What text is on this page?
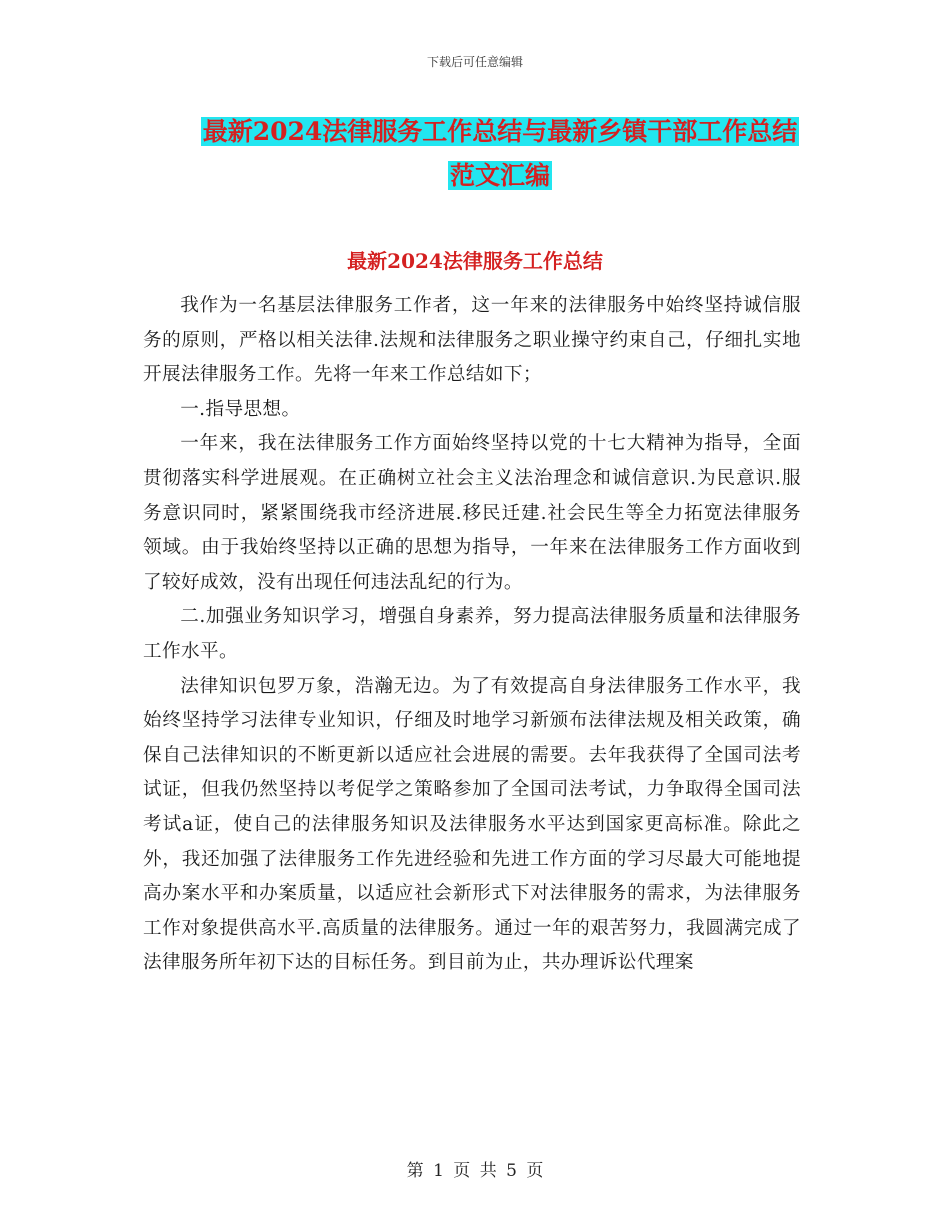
下载后可任意编辑
最新2024法律服务工作总结与最新乡镇干部工作总结
范文汇编
最新2024法律服务工作总结

我作为一名基层法律服务工作者，这一年来的法律服务中始终坚持诚信服务的原则，严格以相关法律.法规和法律服务之职业操守约束自己，仔细扎实地开展法律服务工作。先将一年来工作总结如下；

一.指导思想。

一年来，我在法律服务工作方面始终坚持以党的十七大精神为指导，全面贯彻落实科学进展观。在正确树立社会主义法治理念和诚信意识.为民意识.服务意识同时，紧紧围绕我市经济进展.移民迁建.社会民生等全力拓宽法律服务领域。由于我始终坚持以正确的思想为指导，一年来在法律服务工作方面收到了较好成效，没有出现任何违法乱纪的行为。

二.加强业务知识学习，增强自身素养，努力提高法律服务质量和法律服务工作水平。

法律知识包罗万象，浩瀚无边。为了有效提高自身法律服务工作水平，我始终坚持学习法律专业知识，仔细及时地学习新颁布法律法规及相关政策，确保自己法律知识的不断更新以适应社会进展的需要。去年我获得了全国司法考试证，但我仍然坚持以考促学之策略参加了全国司法考试，力争取得全国司法考试a证，使自己的法律服务知识及法律服务水平达到国家更高标准。除此之外，我还加强了法律服务工作先进经验和先进工作方面的学习尽最大可能地提高办案水平和办案质量，以适应社会新形式下对法律服务的需求，为法律服务工作对象提供高水平.高质量的法律服务。通过一年的艰苦努力，我圆满完成了法律服务所年初下达的目标任务。到目前为止，共办理诉讼代理案

第 1 页 共 5 页
